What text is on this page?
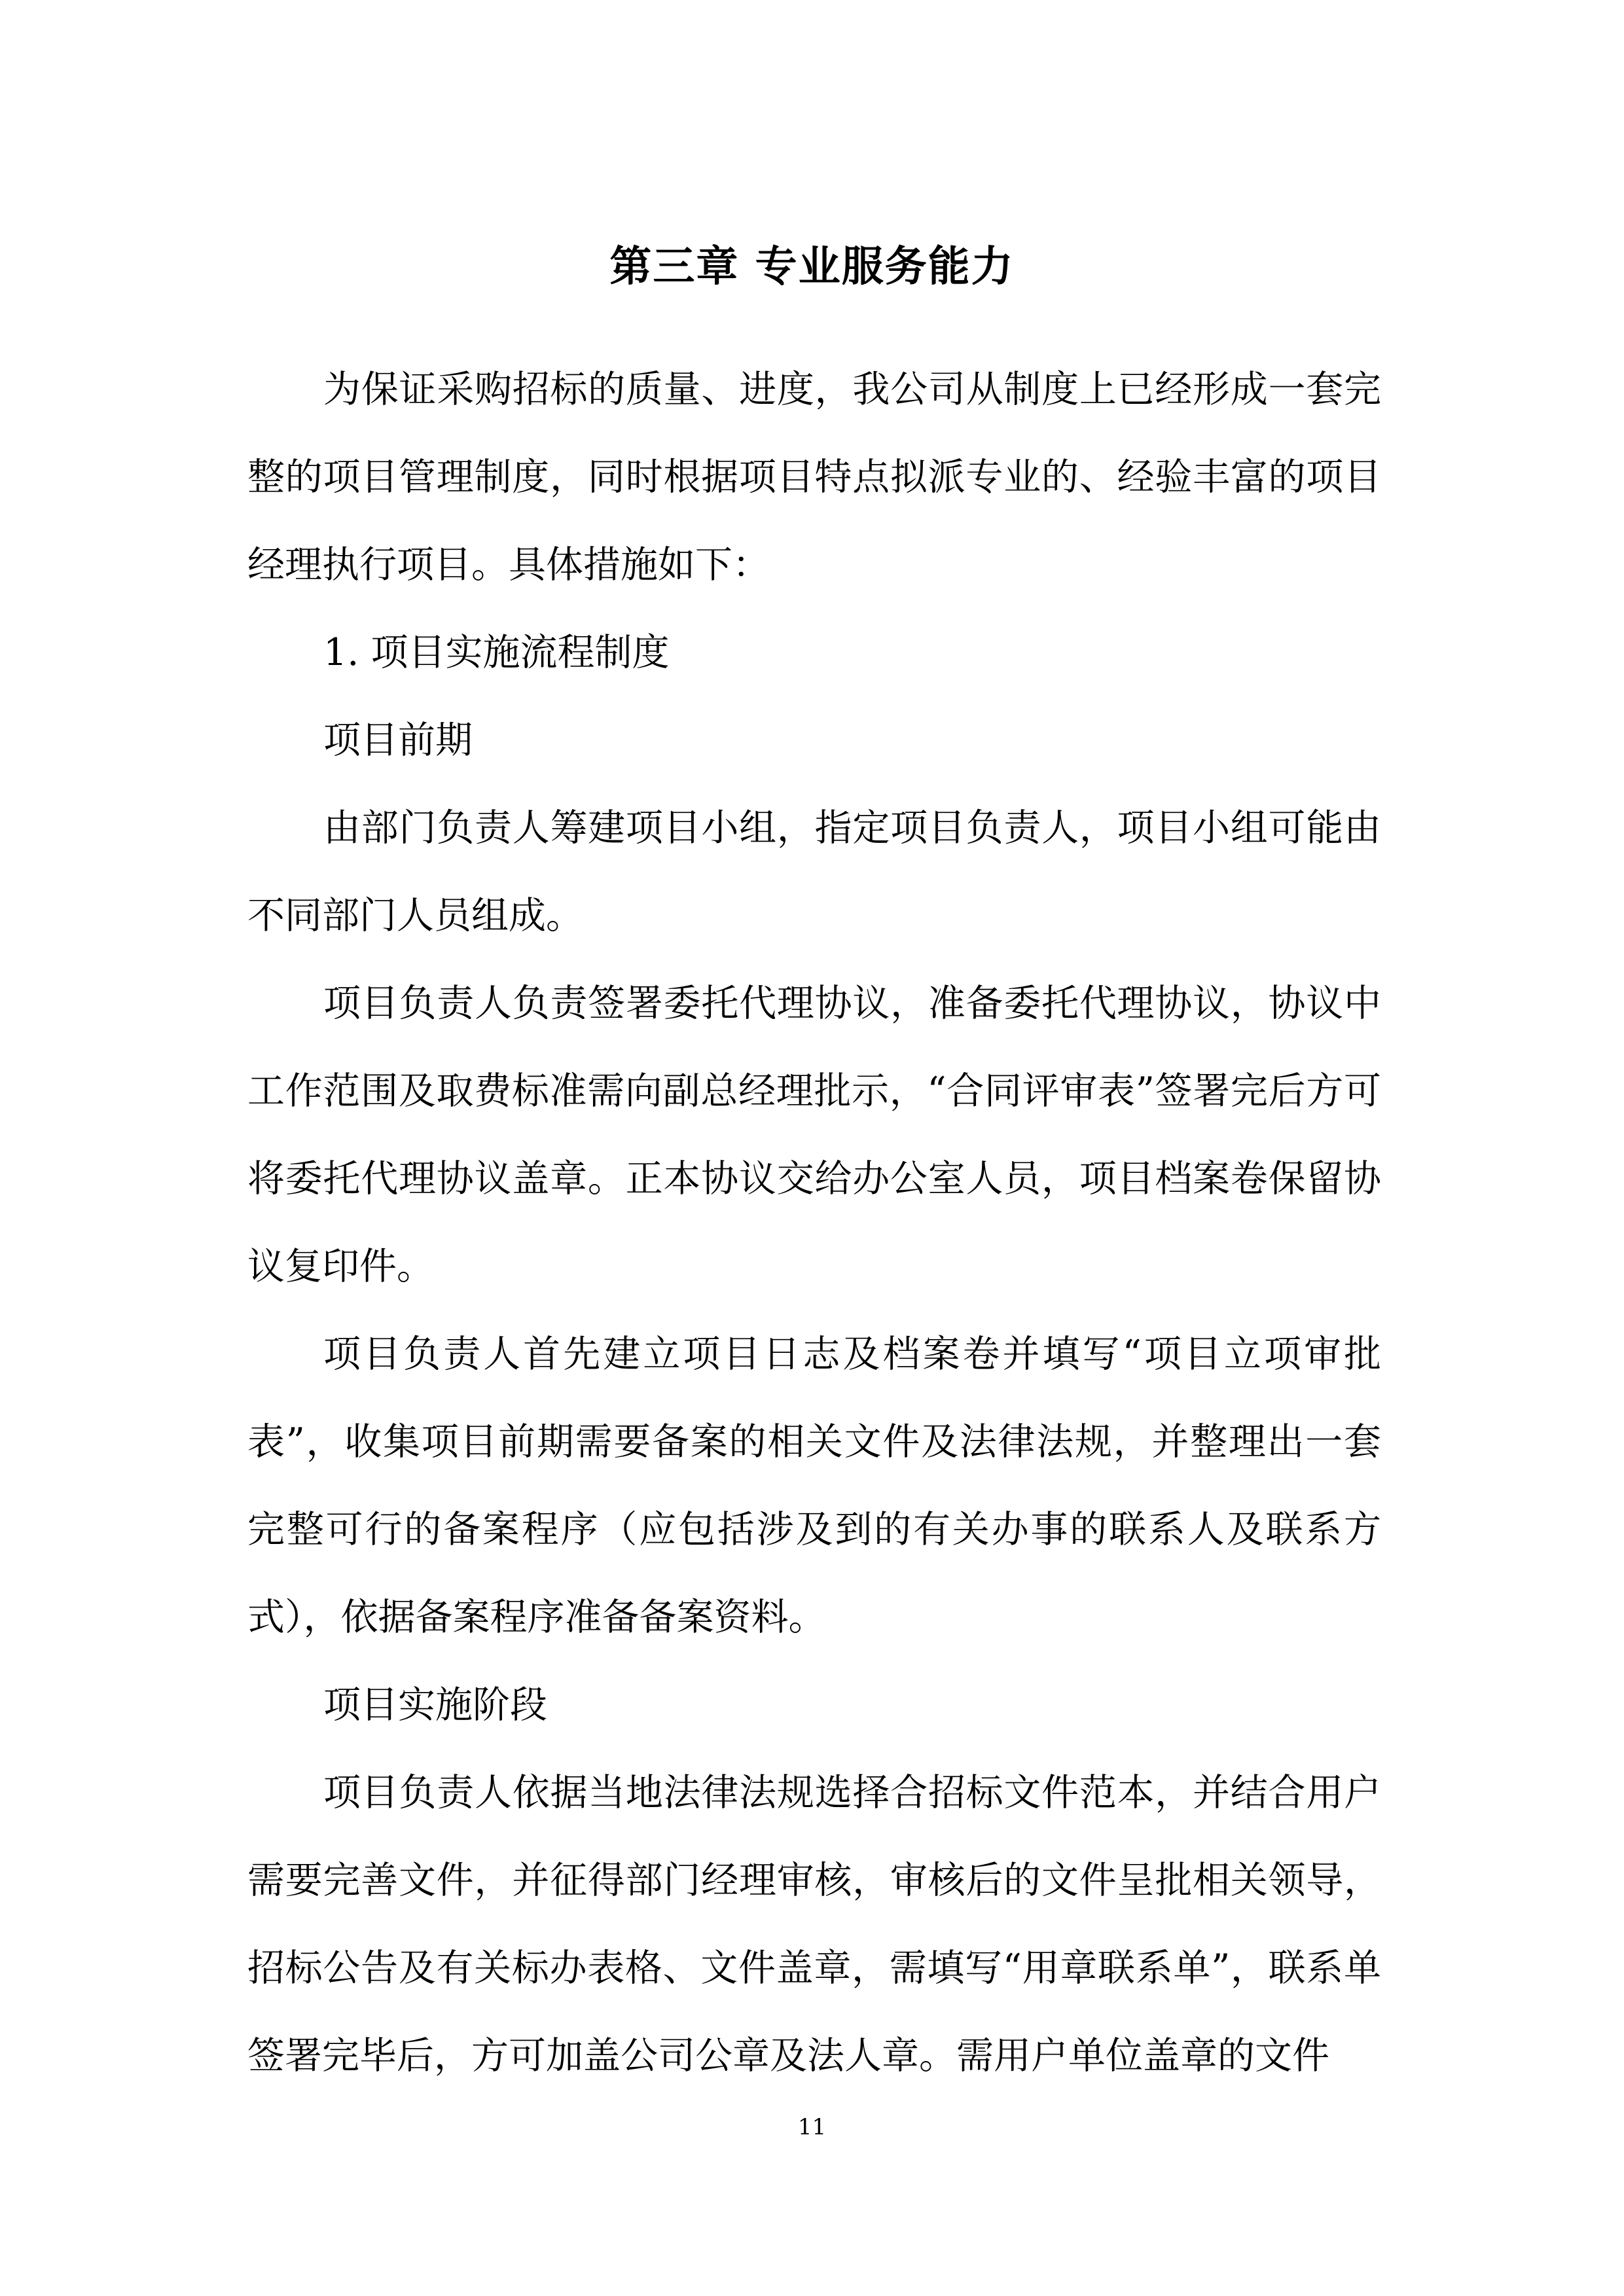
第三章 专业服务能力

为保证采购招标的质量、进度，我公司从制度上已经形成一套完整的项目管理制度，同时根据项目特点拟派专业的、经验丰富的项目经理执行项目。具体措施如下：

1. 项目实施流程制度

项目前期

由部门负责人筹建项目小组，指定项目负责人，项目小组可能由不同部门人员组成。

项目负责人负责签署委托代理协议，准备委托代理协议，协议中工作范围及取费标准需向副总经理批示，“合同评审表”签署完后方可将委托代理协议盖章。正本协议交给办公室人员，项目档案卷保留协议复印件。

项目负责人首先建立项目日志及档案卷并填写“项目立项审批表”，收集项目前期需要备案的相关文件及法律法规，并整理出一套完整可行的备案程序（应包括涉及到的有关办事的联系人及联系方式），依据备案程序准备备案资料。

项目实施阶段

项目负责人依据当地法律法规选择合招标文件范本，并结合用户需要完善文件，并征得部门经理审核，审核后的文件呈批相关领导，招标公告及有关标办表格、文件盖章，需填写“用章联系单”，联系单签署完毕后，方可加盖公司公章及法人章。需用户单位盖章的文件

11
